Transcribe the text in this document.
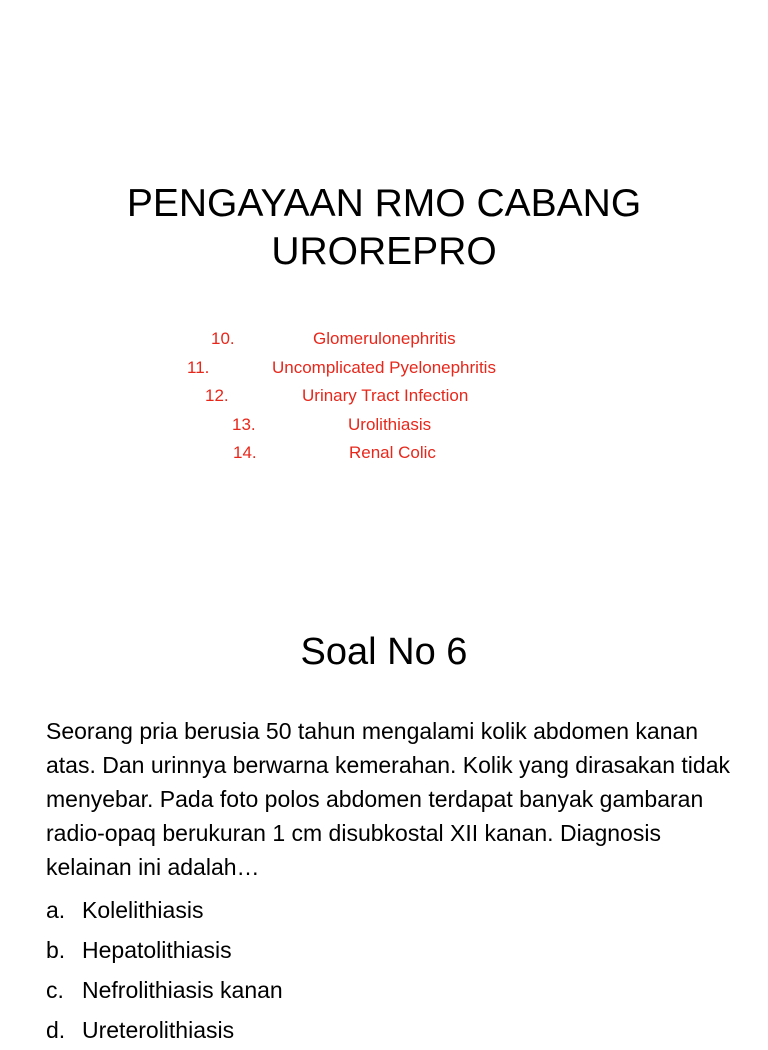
PENGAYAAN RMO CABANG
UROREPRO
10.	Glomerulonephritis
11.	Uncomplicated Pyelonephritis
12.	Urinary Tract Infection
13.	Urolithiasis
14.	Renal Colic
Soal No 6

Seorang pria berusia 50 tahun mengalami kolik abdomen kanan atas. Dan urinnya berwarna kemerahan. Kolik yang dirasakan tidak menyebar. Pada foto polos abdomen terdapat banyak gambaran radio-opaq berukuran 1 cm disubkostal XII kanan. Diagnosis kelainan ini adalah…

a. Kolelithiasis
b. Hepatolithiasis
c. Nefrolithiasis kanan
d. Ureterolithiasis
